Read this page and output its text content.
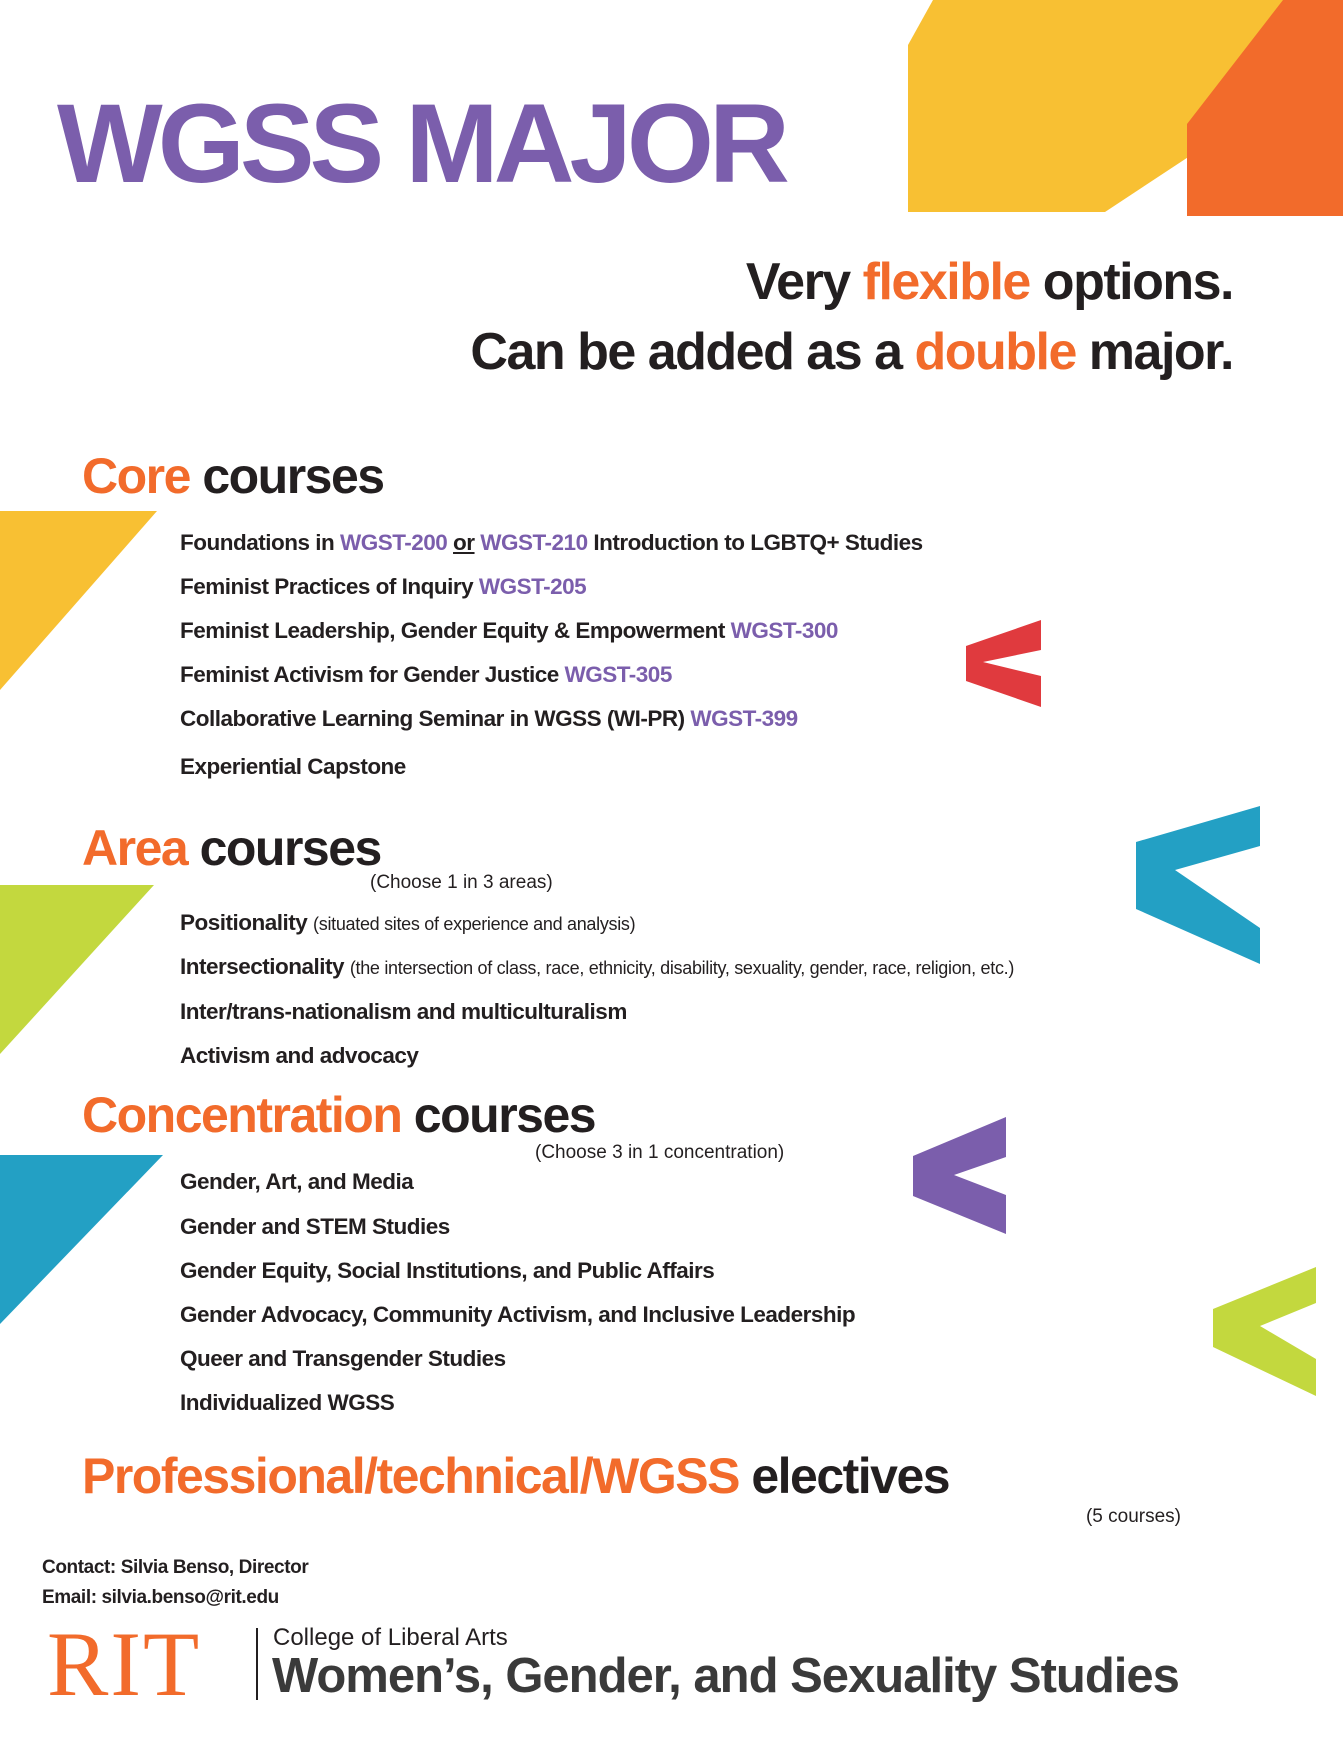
WGSS MAJOR

Very flexible options.

Can be added as a double major.

Core courses
Foundations in WGST-200 or WGST-210 Introduction to LGBTQ+ Studies
Feminist Practices of Inquiry WGST-205
Feminist Leadership, Gender Equity & Empowerment WGST-300
Feminist Activism for Gender Justice WGST-305
Collaborative Learning Seminar in WGSS (WI-PR) WGST-399
Experiential Capstone
Area courses
(Choose 1 in 3 areas)
Positionality (situated sites of experience and analysis)
Intersectionality (the intersection of class, race, ethnicity, disability, sexuality, gender, race, religion, etc.)
Inter/trans-nationalism and multiculturalism
Activism and advocacy
Concentration courses
(Choose 3 in 1 concentration)
Gender, Art, and Media
Gender and STEM Studies
Gender Equity, Social Institutions, and Public Affairs
Gender Advocacy, Community Activism, and Inclusive Leadership
Queer and Transgender Studies
Individualized WGSS
Professional/technical/WGSS electives
(5 courses)
Contact: Silvia Benso, Director
Email: silvia.benso@rit.edu
RIT	College of Liberal Arts
Women’s, Gender, and Sexuality Studies
